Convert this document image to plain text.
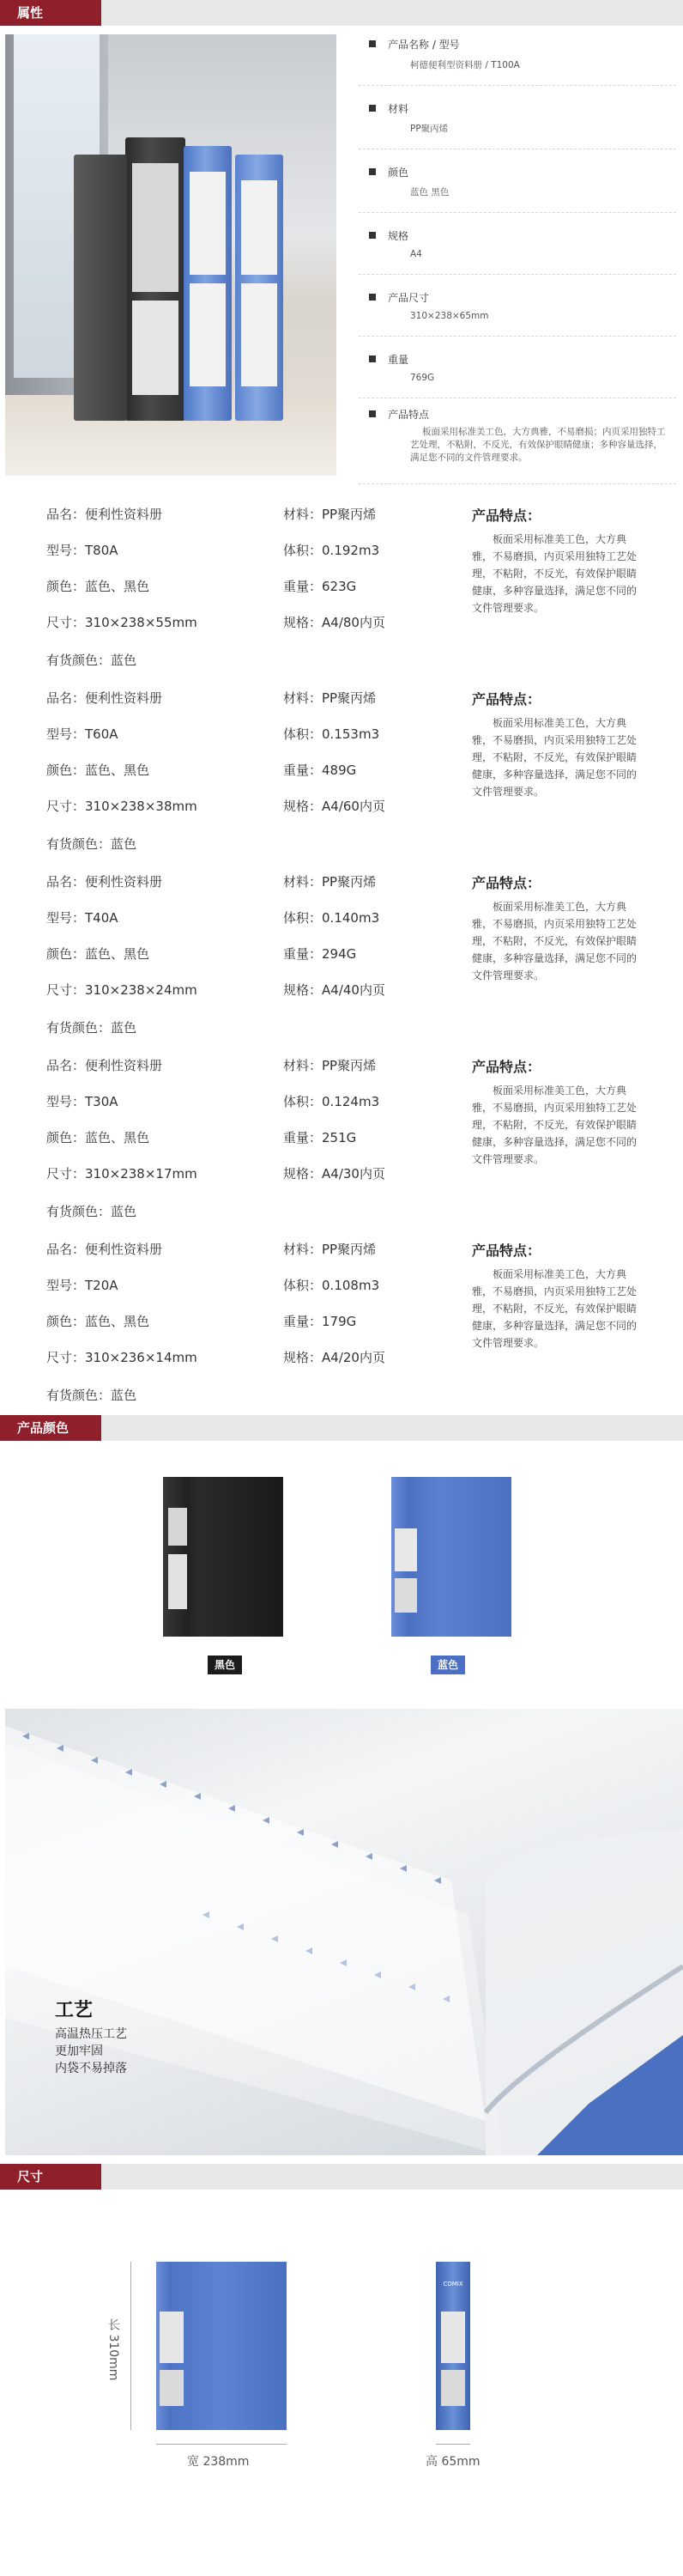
属性
产品名称 / 型号
柯德便利型资料册 / T100A
材料
PP聚丙烯
颜色
蓝色 黑色
规格
A4
产品尺寸
310×238×65mm
重量
769G
产品特点
板面采用标准美工色，大方典雅，不易磨损；内页采用独特工艺处理，不粘附，不反光，有效保护眼睛健康；多种容量选择，满足您不同的文件管理要求。
品名：便利性资料册
型号：T80A
颜色：蓝色、黑色
尺寸：310×238×55mm
有货颜色：蓝色
材料：PP聚丙烯
体积：0.192m3
重量：623G
规格：A4/80内页
产品特点：
板面采用标准美工色，大方典雅，不易磨损，内页采用独特工艺处理，不粘附，不反光，有效保护眼睛健康，多种容量选择，满足您不同的文件管理要求。
品名：便利性资料册
型号：T60A
颜色：蓝色、黑色
尺寸：310×238×38mm
有货颜色：蓝色
材料：PP聚丙烯
体积：0.153m3
重量：489G
规格：A4/60内页
产品特点：
板面采用标准美工色，大方典雅，不易磨损，内页采用独特工艺处理，不粘附，不反光，有效保护眼睛健康，多种容量选择，满足您不同的文件管理要求。
品名：便利性资料册
型号：T40A
颜色：蓝色、黑色
尺寸：310×238×24mm
有货颜色：蓝色
材料：PP聚丙烯
体积：0.140m3
重量：294G
规格：A4/40内页
产品特点：
板面采用标准美工色，大方典雅，不易磨损，内页采用独特工艺处理，不粘附，不反光，有效保护眼睛健康，多种容量选择，满足您不同的文件管理要求。
品名：便利性资料册
型号：T30A
颜色：蓝色、黑色
尺寸：310×238×17mm
有货颜色：蓝色
材料：PP聚丙烯
体积：0.124m3
重量：251G
规格：A4/30内页
产品特点：
板面采用标准美工色，大方典雅，不易磨损，内页采用独特工艺处理，不粘附，不反光，有效保护眼睛健康，多种容量选择，满足您不同的文件管理要求。
品名：便利性资料册
型号：T20A
颜色：蓝色、黑色
尺寸：310×236×14mm
有货颜色：蓝色
材料：PP聚丙烯
体积：0.108m3
重量：179G
规格：A4/20内页
产品特点：
板面采用标准美工色，大方典雅，不易磨损，内页采用独特工艺处理，不粘附，不反光，有效保护眼睛健康，多种容量选择，满足您不同的文件管理要求。
产品颜色
黑色	蓝色
工艺
高温热压工艺
更加牢固
内袋不易掉落
尺寸
长 310mm
宽 238mm
COMIX
高 65mm
